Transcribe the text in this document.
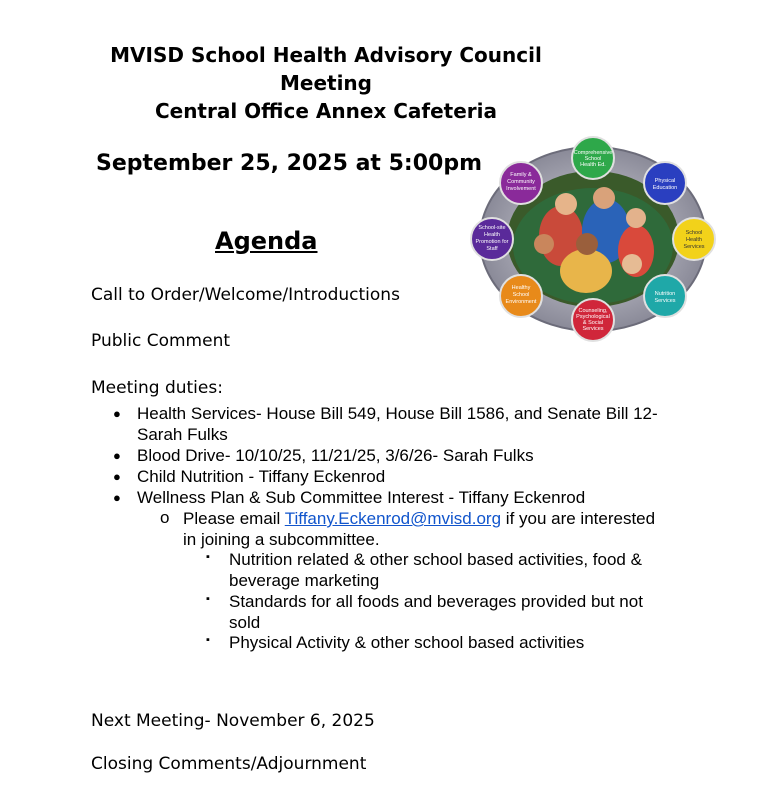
MVISD School Health Advisory Council
Meeting
Central Office Annex Cafeteria
September 25, 2025 at 5:00pm
Agenda
Comprehensive
School
Health Ed.
Physical
Education
School
Health
Services
Nutrition
Services
Counseling,
Psychological
& Social
Services
Healthy
School
Environment
School-site
Health
Promotion for
Staff
Family &
Community
Involvement
Call to Order/Welcome/Introductions
Public Comment
Meeting duties:
● Health Services- House Bill 549, House Bill 1586, and Senate Bill 12-
Sarah Fulks
● Blood Drive- 10/10/25, 11/21/25, 3/6/26- Sarah Fulks
● Child Nutrition - Tiffany Eckenrod
● Wellness Plan & Sub Committee Interest - Tiffany Eckenrod
o Please email Tiffany.Eckenrod@mvisd.org if you are interested
in joining a subcommittee.
▪ Nutrition related & other school based activities, food &
beverage marketing
▪ Standards for all foods and beverages provided but not
sold
▪ Physical Activity & other school based activities
Next Meeting- November 6, 2025
Closing Comments/Adjournment
